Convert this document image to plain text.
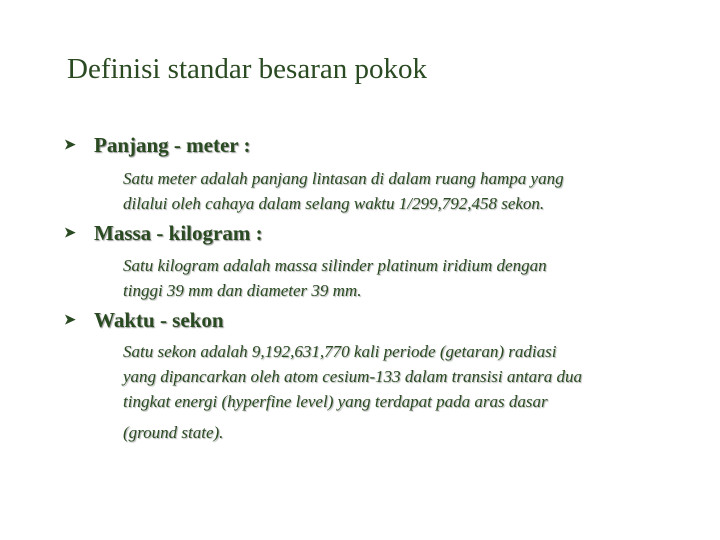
Definisi standar besaran pokok
➤ Panjang - meter :
Satu meter adalah panjang lintasan di dalam ruang hampa yang
dilalui oleh cahaya dalam selang waktu 1/299,792,458 sekon.
➤ Massa - kilogram :
Satu kilogram adalah massa silinder platinum iridium dengan
tinggi 39 mm dan diameter 39 mm.
➤ Waktu - sekon
Satu sekon adalah 9,192,631,770 kali periode (getaran) radiasi
yang dipancarkan oleh atom cesium-133 dalam transisi antara dua
tingkat energi (hyperfine level) yang terdapat pada aras dasar
(ground state).
